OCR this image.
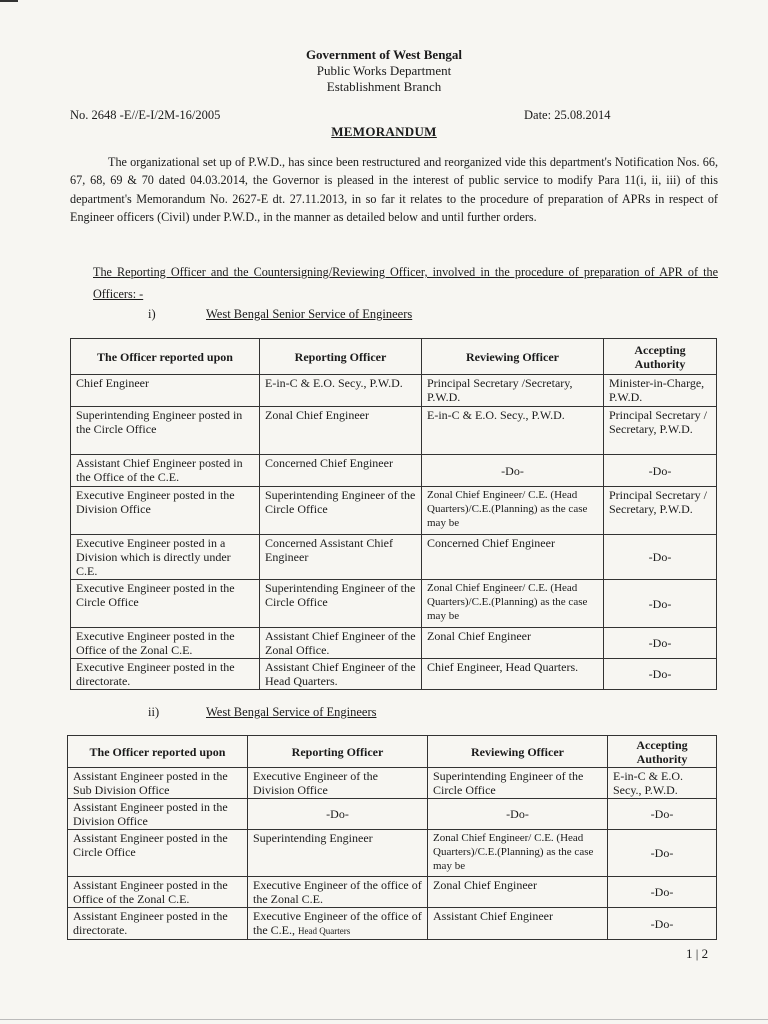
Government of West Bengal
Public Works Department
Establishment Branch
No. 2648 -E//E-I/2M-16/2005	Date: 25.08.2014
MEMORANDUM
The organizational set up of P.W.D., has since been restructured and reorganized vide this department's Notification Nos. 66, 67, 68, 69 & 70 dated 04.03.2014, the Governor is pleased in the interest of public service to modify Para 11(i, ii, iii) of this department's Memorandum No. 2627-E dt. 27.11.2013, in so far it relates to the procedure of preparation of APRs in respect of Engineer officers (Civil) under P.W.D., in the manner as detailed below and until further orders.
The Reporting Officer and the Countersigning/Reviewing Officer, involved in the procedure of preparation of APR of the Officers: -
i)	West Bengal Senior Service of Engineers
The Officer reported upon	Reporting Officer	Reviewing Officer	Accepting Authority
Chief Engineer	E-in-C & E.O. Secy., P.W.D.	Principal Secretary /Secretary, P.W.D.	Minister-in-Charge, P.W.D.
Superintending Engineer posted in the Circle Office	Zonal Chief Engineer	E-in-C & E.O. Secy., P.W.D.	Principal Secretary / Secretary, P.W.D.
Assistant Chief Engineer posted in the Office of the C.E.	Concerned Chief Engineer	-Do-	-Do-
Executive Engineer posted in the Division Office	Superintending Engineer of the Circle Office	Zonal Chief Engineer/ C.E. (Head Quarters)/C.E.(Planning) as the case may be	Principal Secretary / Secretary, P.W.D.
Executive Engineer posted in a Division which is directly under C.E.	Concerned Assistant Chief Engineer	Concerned Chief Engineer	-Do-
Executive Engineer posted in the Circle Office	Superintending Engineer of the Circle Office	Zonal Chief Engineer/ C.E. (Head Quarters)/C.E.(Planning) as the case may be	-Do-
Executive Engineer posted in the Office of the Zonal C.E.	Assistant Chief Engineer of the Zonal Office.	Zonal Chief Engineer	-Do-
Executive Engineer posted in the directorate.	Assistant Chief Engineer of the Head Quarters.	Chief Engineer, Head Quarters.	-Do-
ii)	West Bengal Service of Engineers
The Officer reported upon	Reporting Officer	Reviewing Officer	Accepting Authority
Assistant Engineer posted in the Sub Division Office	Executive Engineer of the Division Office	Superintending Engineer of the Circle Office	E-in-C & E.O. Secy., P.W.D.
Assistant Engineer posted in the Division Office	-Do-	-Do-	-Do-
Assistant Engineer posted in the Circle Office	Superintending Engineer	Zonal Chief Engineer/ C.E. (Head Quarters)/C.E.(Planning) as the case may be	-Do-
Assistant Engineer posted in the Office of the Zonal C.E.	Executive Engineer of the office of the Zonal C.E.	Zonal Chief Engineer	-Do-
Assistant Engineer posted in the directorate.	Executive Engineer of the office of the C.E., Head Quarters	Assistant Chief Engineer	-Do-
1 | 2
